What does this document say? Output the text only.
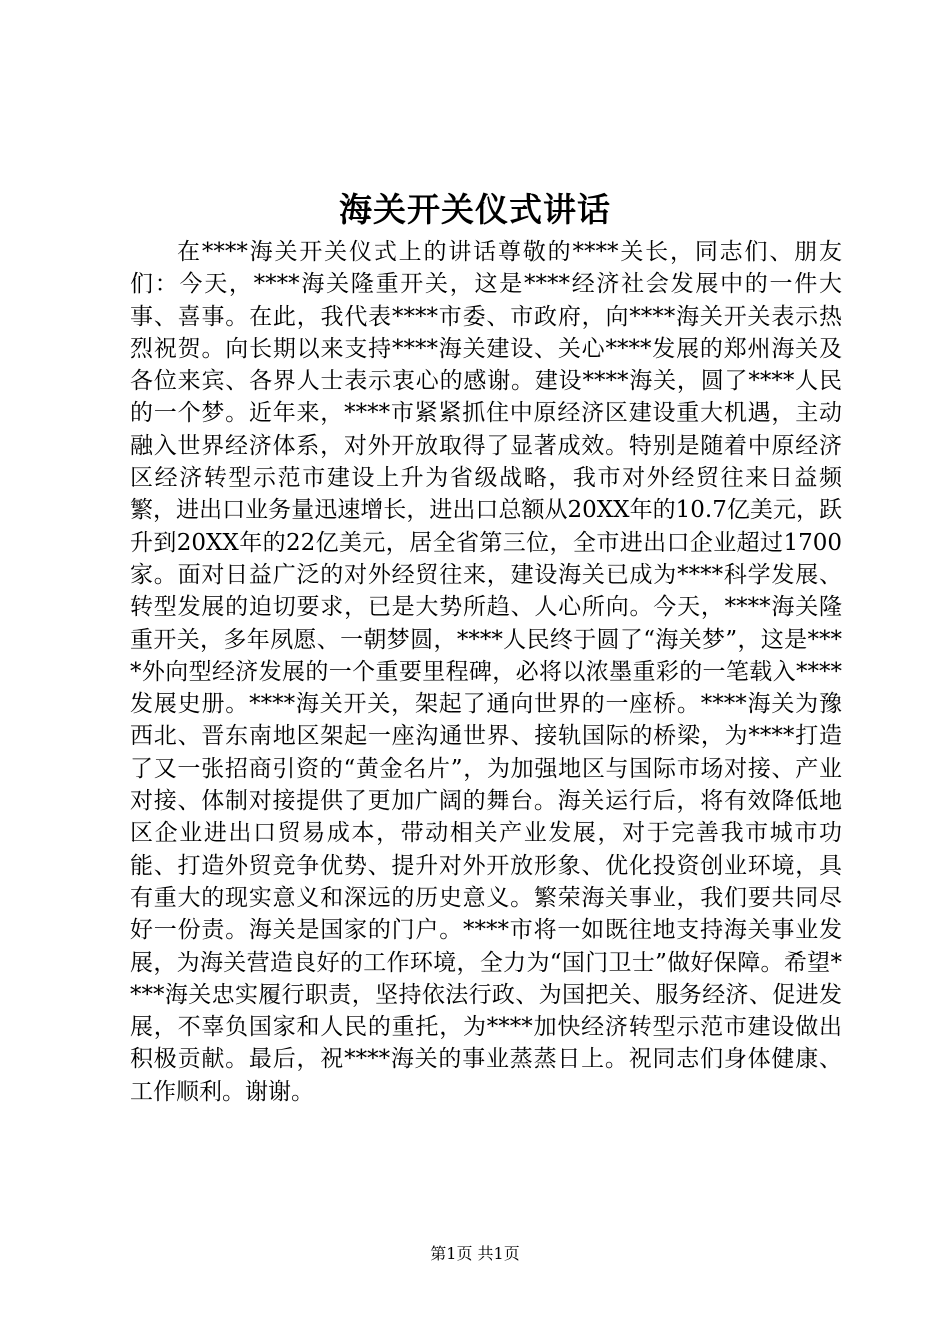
海关开关仪式讲话
在****海关开关仪式上的讲话尊敬的****关长，同志们、朋友们：今天，****海关隆重开关，这是****经济社会发展中的一件大事、喜事。在此，我代表****市委、市政府，向****海关开关表示热烈祝贺。向长期以来支持****海关建设、关心****发展的郑州海关及各位来宾、各界人士表示衷心的感谢。建设****海关，圆了****人民的一个梦。近年来，****市紧紧抓住中原经济区建设重大机遇，主动融入世界经济体系，对外开放取得了显著成效。特别是随着中原经济区经济转型示范市建设上升为省级战略，我市对外经贸往来日益频繁，进出口业务量迅速增长，进出口总额从20XX年的10.7亿美元，跃升到20XX年的22亿美元，居全省第三位，全市进出口企业超过1700家。面对日益广泛的对外经贸往来，建设海关已成为****科学发展、转型发展的迫切要求，已是大势所趋、人心所向。今天，****海关隆重开关，多年夙愿、一朝梦圆，****人民终于圆了“海关梦”，这是****外向型经济发展的一个重要里程碑，必将以浓墨重彩的一笔载入****发展史册。****海关开关，架起了通向世界的一座桥。****海关为豫西北、晋东南地区架起一座沟通世界、接轨国际的桥梁，为****打造了又一张招商引资的“黄金名片”，为加强地区与国际市场对接、产业对接、体制对接提供了更加广阔的舞台。海关运行后，将有效降低地区企业进出口贸易成本，带动相关产业发展，对于完善我市城市功能、打造外贸竞争优势、提升对外开放形象、优化投资创业环境，具有重大的现实意义和深远的历史意义。繁荣海关事业，我们要共同尽好一份责。海关是国家的门户。****市将一如既往地支持海关事业发展，为海关营造良好的工作环境，全力为“国门卫士”做好保障。希望****海关忠实履行职责，坚持依法行政、为国把关、服务经济、促进发展，不辜负国家和人民的重托，为****加快经济转型示范市建设做出积极贡献。最后，祝****海关的事业蒸蒸日上。祝同志们身体健康、工作顺利。谢谢。
第1页 共1页
